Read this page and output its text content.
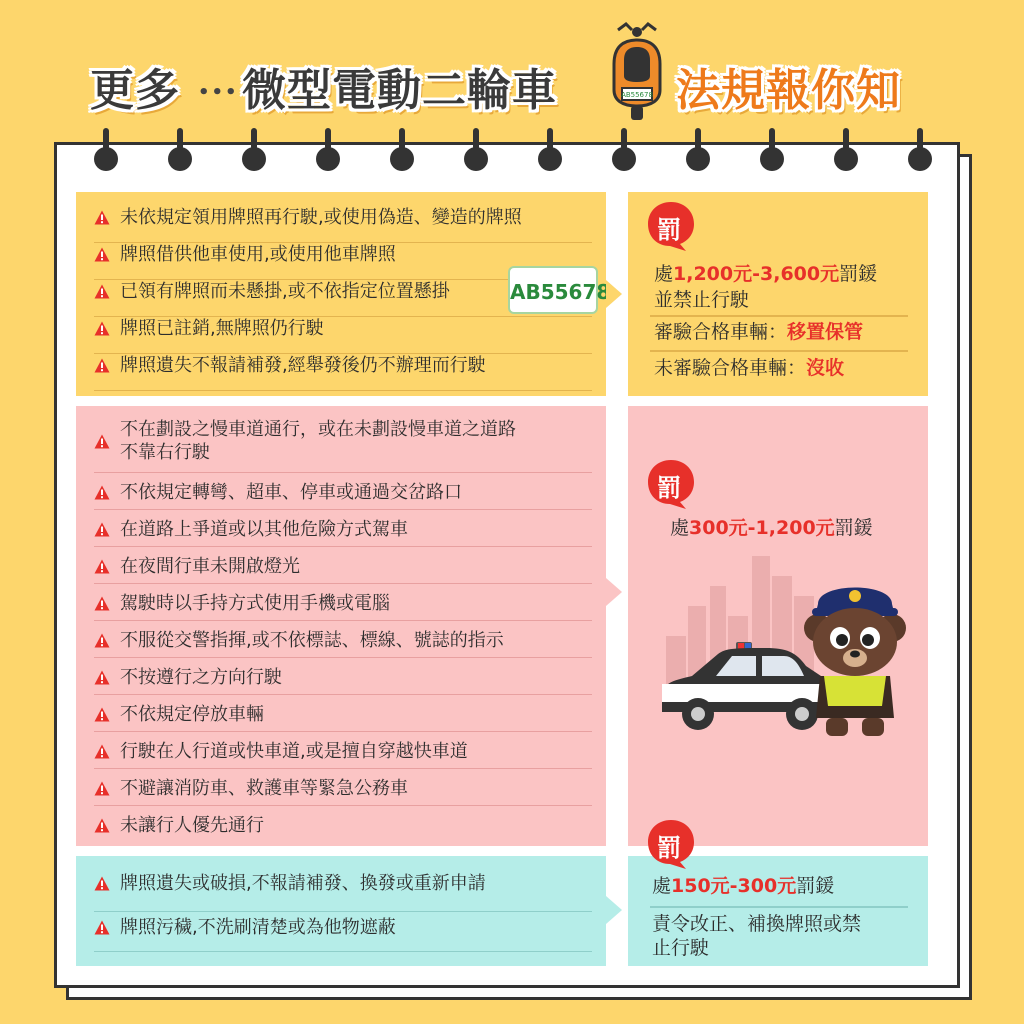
更多 ••• 微型電動二輪車	AB55678 法規報你知
未依規定領用牌照再行駛,或使用偽造、變造的牌照
牌照借供他車使用,或使用他車牌照
已領有牌照而未懸掛,或不依指定位置懸掛
牌照已註銷,無牌照仍行駛
牌照遺失不報請補發,經舉發後仍不辦理而行駛
AB55678
罰
處1,200元-3,600元罰鍰
並禁止行駛
審驗合格車輛：移置保管
未審驗合格車輛：沒收
不在劃設之慢車道通行，或在未劃設慢車道之道路
不靠右行駛
不依規定轉彎、超車、停車或通過交岔路口
在道路上爭道或以其他危險方式駕車
在夜間行車未開啟燈光
駕駛時以手持方式使用手機或電腦
不服從交警指揮,或不依標誌、標線、號誌的指示
不按遵行之方向行駛
不依規定停放車輛
行駛在人行道或快車道,或是擅自穿越快車道
不避讓消防車、救護車等緊急公務車
未讓行人優先通行
罰
處300元-1,200元罰鍰
牌照遺失或破損,不報請補發、換發或重新申請
牌照污穢,不洗刷清楚或為他物遮蔽
處150元-300元罰鍰
責令改正、補換牌照或禁
止行駛
罰
